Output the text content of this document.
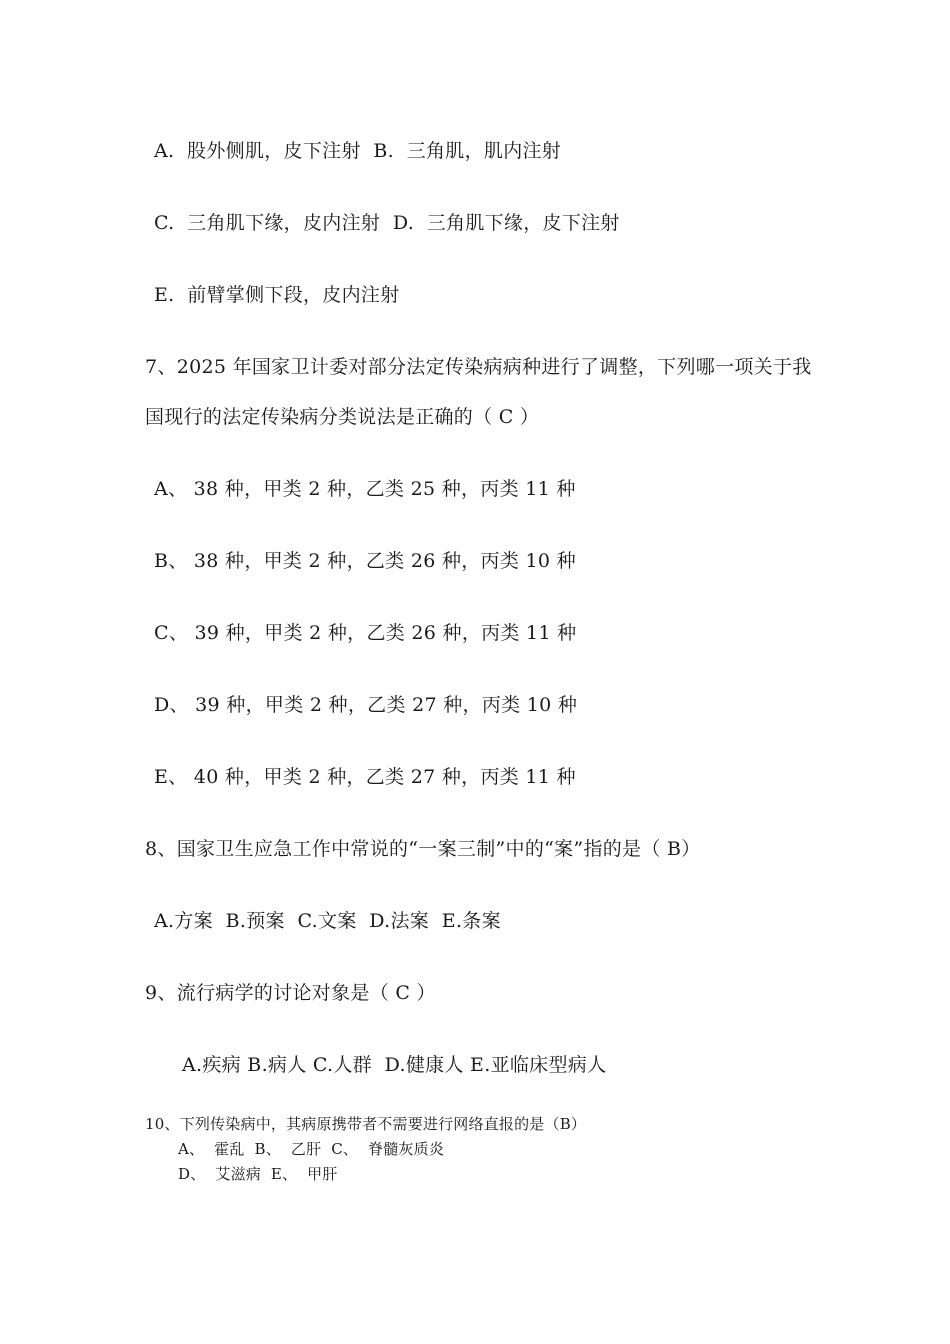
A.  股外侧肌，皮下注射  B.  三角肌，肌内注射
C.  三角肌下缘，皮内注射  D.  三角肌下缘，皮下注射
E.  前臂掌侧下段，皮内注射
7、2025 年国家卫计委对部分法定传染病病种进行了调整，下列哪一项关于我
国现行的法定传染病分类说法是正确的（ C ）
A、 38 种，甲类 2 种，乙类 25 种，丙类 11 种
B、 38 种，甲类 2 种，乙类 26 种，丙类 10 种
C、 39 种，甲类 2 种，乙类 26 种，丙类 11 种
D、 39 种，甲类 2 种，乙类 27 种，丙类 10 种
E、 40 种，甲类 2 种，乙类 27 种，丙类 11 种
8、国家卫生应急工作中常说的“一案三制”中的“案”指的是（ B）
A.方案  B.预案  C.文案  D.法案  E.条案
9、流行病学的讨论对象是（ C ）
A.疾病 B.病人 C.人群  D.健康人 E.亚临床型病人
10、下列传染病中，其病原携带者不需要进行网络直报的是（B）
A、  霍乱  B、  乙肝  C、  脊髓灰质炎
D、  艾滋病  E、  甲肝
